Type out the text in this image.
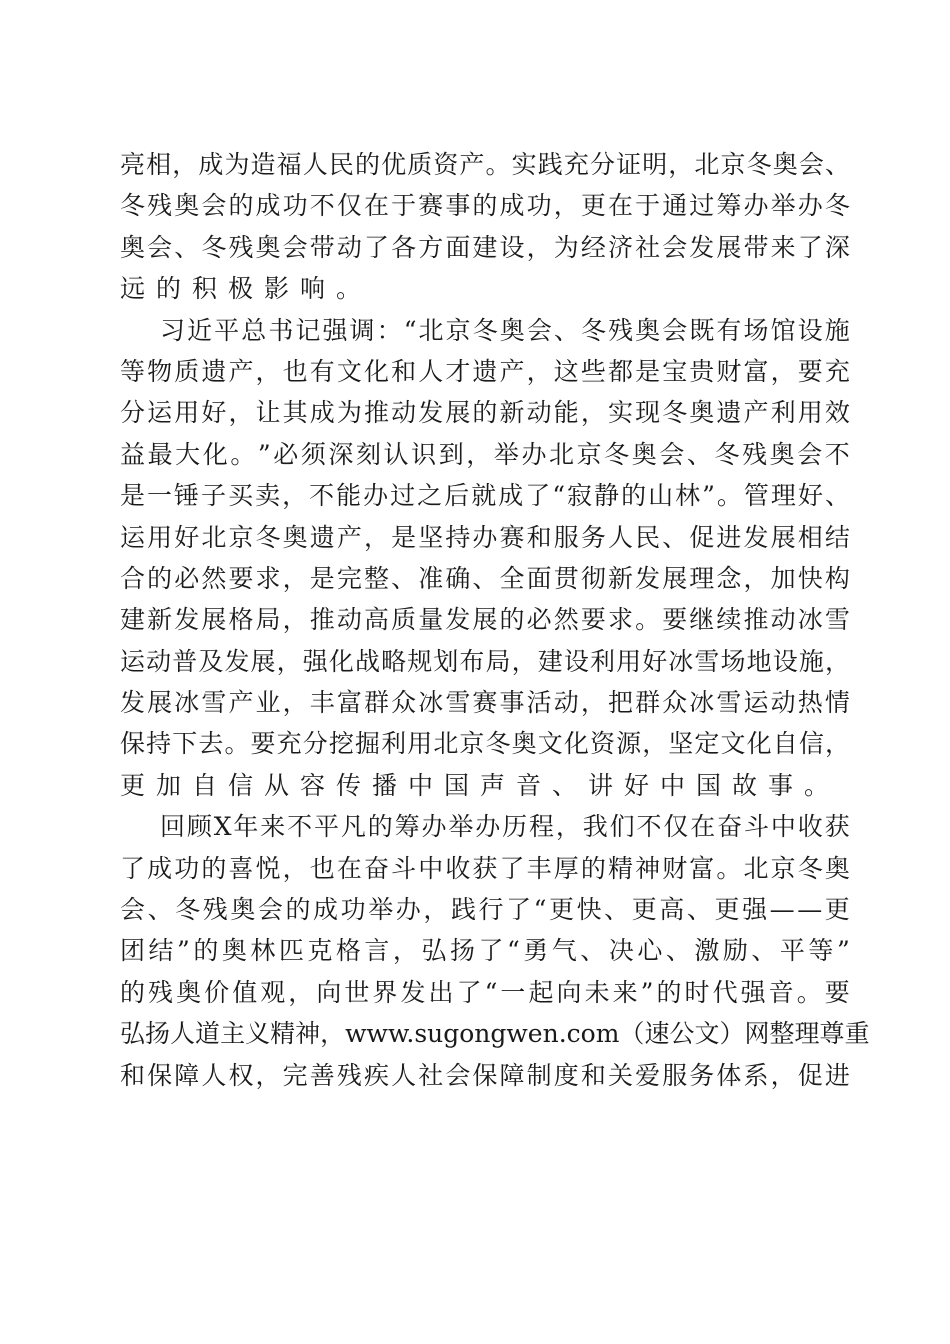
亮 相 ， 成 为 造 福 人 民 的 优 质 资 产 。 实 践 充 分 证 明 ， 北 京 冬 奥 会 、
冬 残 奥 会 的 成 功 不 仅 在 于 赛 事 的 成 功 ， 更 在 于 通 过 筹 办 举 办 冬
奥 会 、 冬 残 奥 会 带 动 了 各 方 面 建 设 ， 为 经 济 社 会 发 展 带 来 了 深
远的积极影响。
习 近 平 总 书 记 强 调 ： “ 北 京 冬 奥 会 、 冬 残 奥 会 既 有 场 馆 设 施
等 物 质 遗 产 ， 也 有 文 化 和 人 才 遗 产 ， 这 些 都 是 宝 贵 财 富 ， 要 充
分 运 用 好 ， 让 其 成 为 推 动 发 展 的 新 动 能 ， 实 现 冬 奥 遗 产 利 用 效
益 最 大 化 。 ” 必 须 深 刻 认 识 到 ， 举 办 北 京 冬 奥 会 、 冬 残 奥 会 不
是 一 锤 子 买 卖 ， 不 能 办 过 之 后 就 成 了 “ 寂 静 的 山 林 ” 。 管 理 好 、
运 用 好 北 京 冬 奥 遗 产 ， 是 坚 持 办 赛 和 服 务 人 民 、 促 进 发 展 相 结
合 的 必 然 要 求 ， 是 完 整 、 准 确 、 全 面 贯 彻 新 发 展 理 念 ， 加 快 构
建 新 发 展 格 局 ， 推 动 高 质 量 发 展 的 必 然 要 求 。 要 继 续 推 动 冰 雪
运 动 普 及 发 展 ， 强 化 战 略 规 划 布 局 ， 建 设 利 用 好 冰 雪 场 地 设 施 ，
发 展 冰 雪 产 业 ， 丰 富 群 众 冰 雪 赛 事 活 动 ， 把 群 众 冰 雪 运 动 热 情
保 持 下 去 。 要 充 分 挖 掘 利 用 北 京 冬 奥 文 化 资 源 ， 坚 定 文 化 自 信 ，
更加自信从容传播中国声音、讲好中国故事。
回 顾 X 年 来 不 平 凡 的 筹 办 举 办 历 程 ， 我 们 不 仅 在 奋 斗 中 收 获
了 成 功 的 喜 悦 ， 也 在 奋 斗 中 收 获 了 丰 厚 的 精 神 财 富 。 北 京 冬 奥
会 、 冬 残 奥 会 的 成 功 举 办 ， 践 行 了 “ 更 快 、 更 高 、 更 强 — — 更
团 结 ” 的 奥 林 匹 克 格 言 ， 弘 扬 了 “ 勇 气 、 决 心 、 激 励 、 平 等 ”
的 残 奥 价 值 观 ， 向 世 界 发 出 了 “ 一 起 向 未 来 ” 的 时 代 强 音 。 要
弘 扬 人 道 主 义 精 神 ， www.sugongwen.com （ 速 公 文 ） 网 整 理 尊 重
和 保 障 人 权 ， 完 善 残 疾 人 社 会 保 障 制 度 和 关 爱 服 务 体 系 ， 促 进
